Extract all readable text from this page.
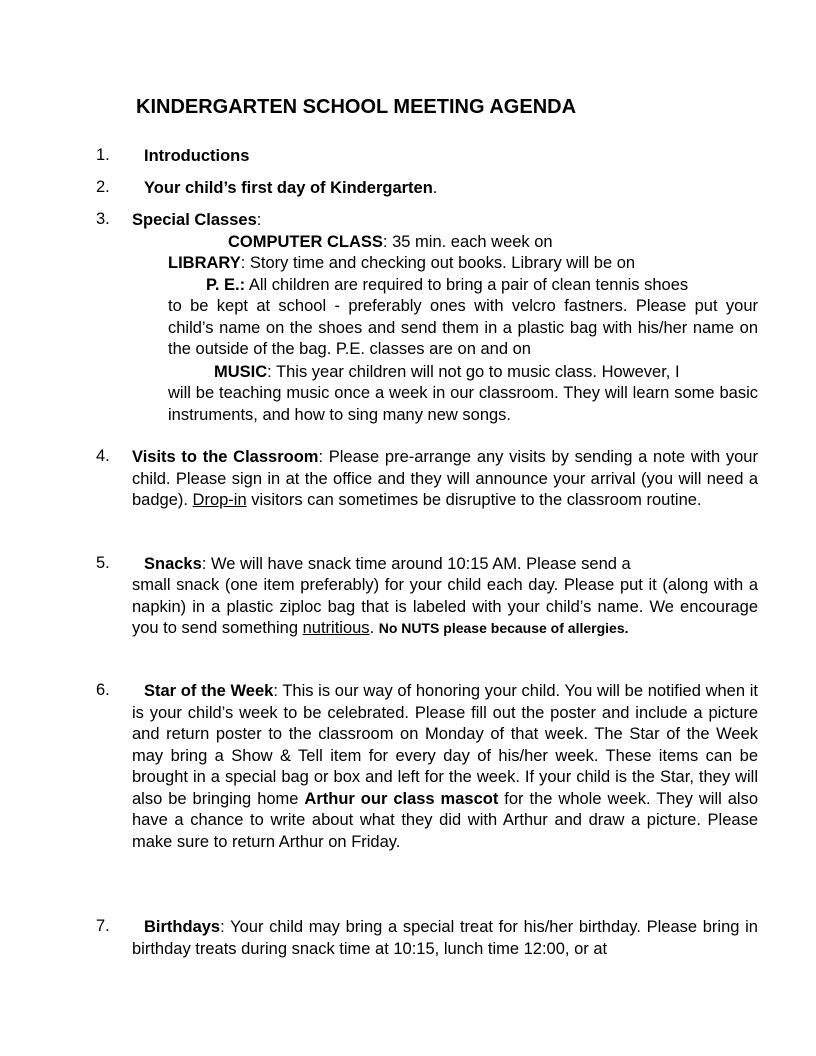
KINDERGARTEN SCHOOL MEETING AGENDA
1. Introductions
2. Your child’s first day of Kindergarten.
3. Special Classes:
COMPUTER CLASS: 35 min. each week on
LIBRARY: Story time and checking out books. Library will be on
P. E.: All children are required to bring a pair of clean tennis shoes
to be kept at school - preferably ones with velcro fastners. Please put your child’s name on the shoes and send them in a plastic bag with his/her name on the outside of the bag. P.E. classes are on and on
MUSIC: This year children will not go to music class. However, I
will be teaching music once a week in our classroom. They will learn some basic instruments, and how to sing many new songs.
4. Visits to the Classroom: Please pre-arrange any visits by sending a note with your child. Please sign in at the office and they will announce your arrival (you will need a badge). Drop-in visitors can sometimes be disruptive to the classroom routine.
5. Snacks: We will have snack time around 10:15 AM. Please send a
small snack (one item preferably) for your child each day. Please put it (along with a napkin) in a plastic ziploc bag that is labeled with your child’s name. We encourage you to send something nutritious. No NUTS please because of allergies.
6.	Star of the Week: This is our way of honoring your child. You will be notified when it is your child’s week to be celebrated. Please fill out the poster and include a picture and return poster to the classroom on Monday of that week. The Star of the Week may bring a Show & Tell item for every day of his/her week. These items can be brought in a special bag or box and left for the week. If your child is the Star, they will also be bringing home Arthur our class mascot for the whole week. They will also have a chance to write about what they did with Arthur and draw a picture. Please make sure to return Arthur on Friday.
7.	Birthdays: Your child may bring a special treat for his/her birthday. Please bring in birthday treats during snack time at 10:15, lunch time 12:00, or at
